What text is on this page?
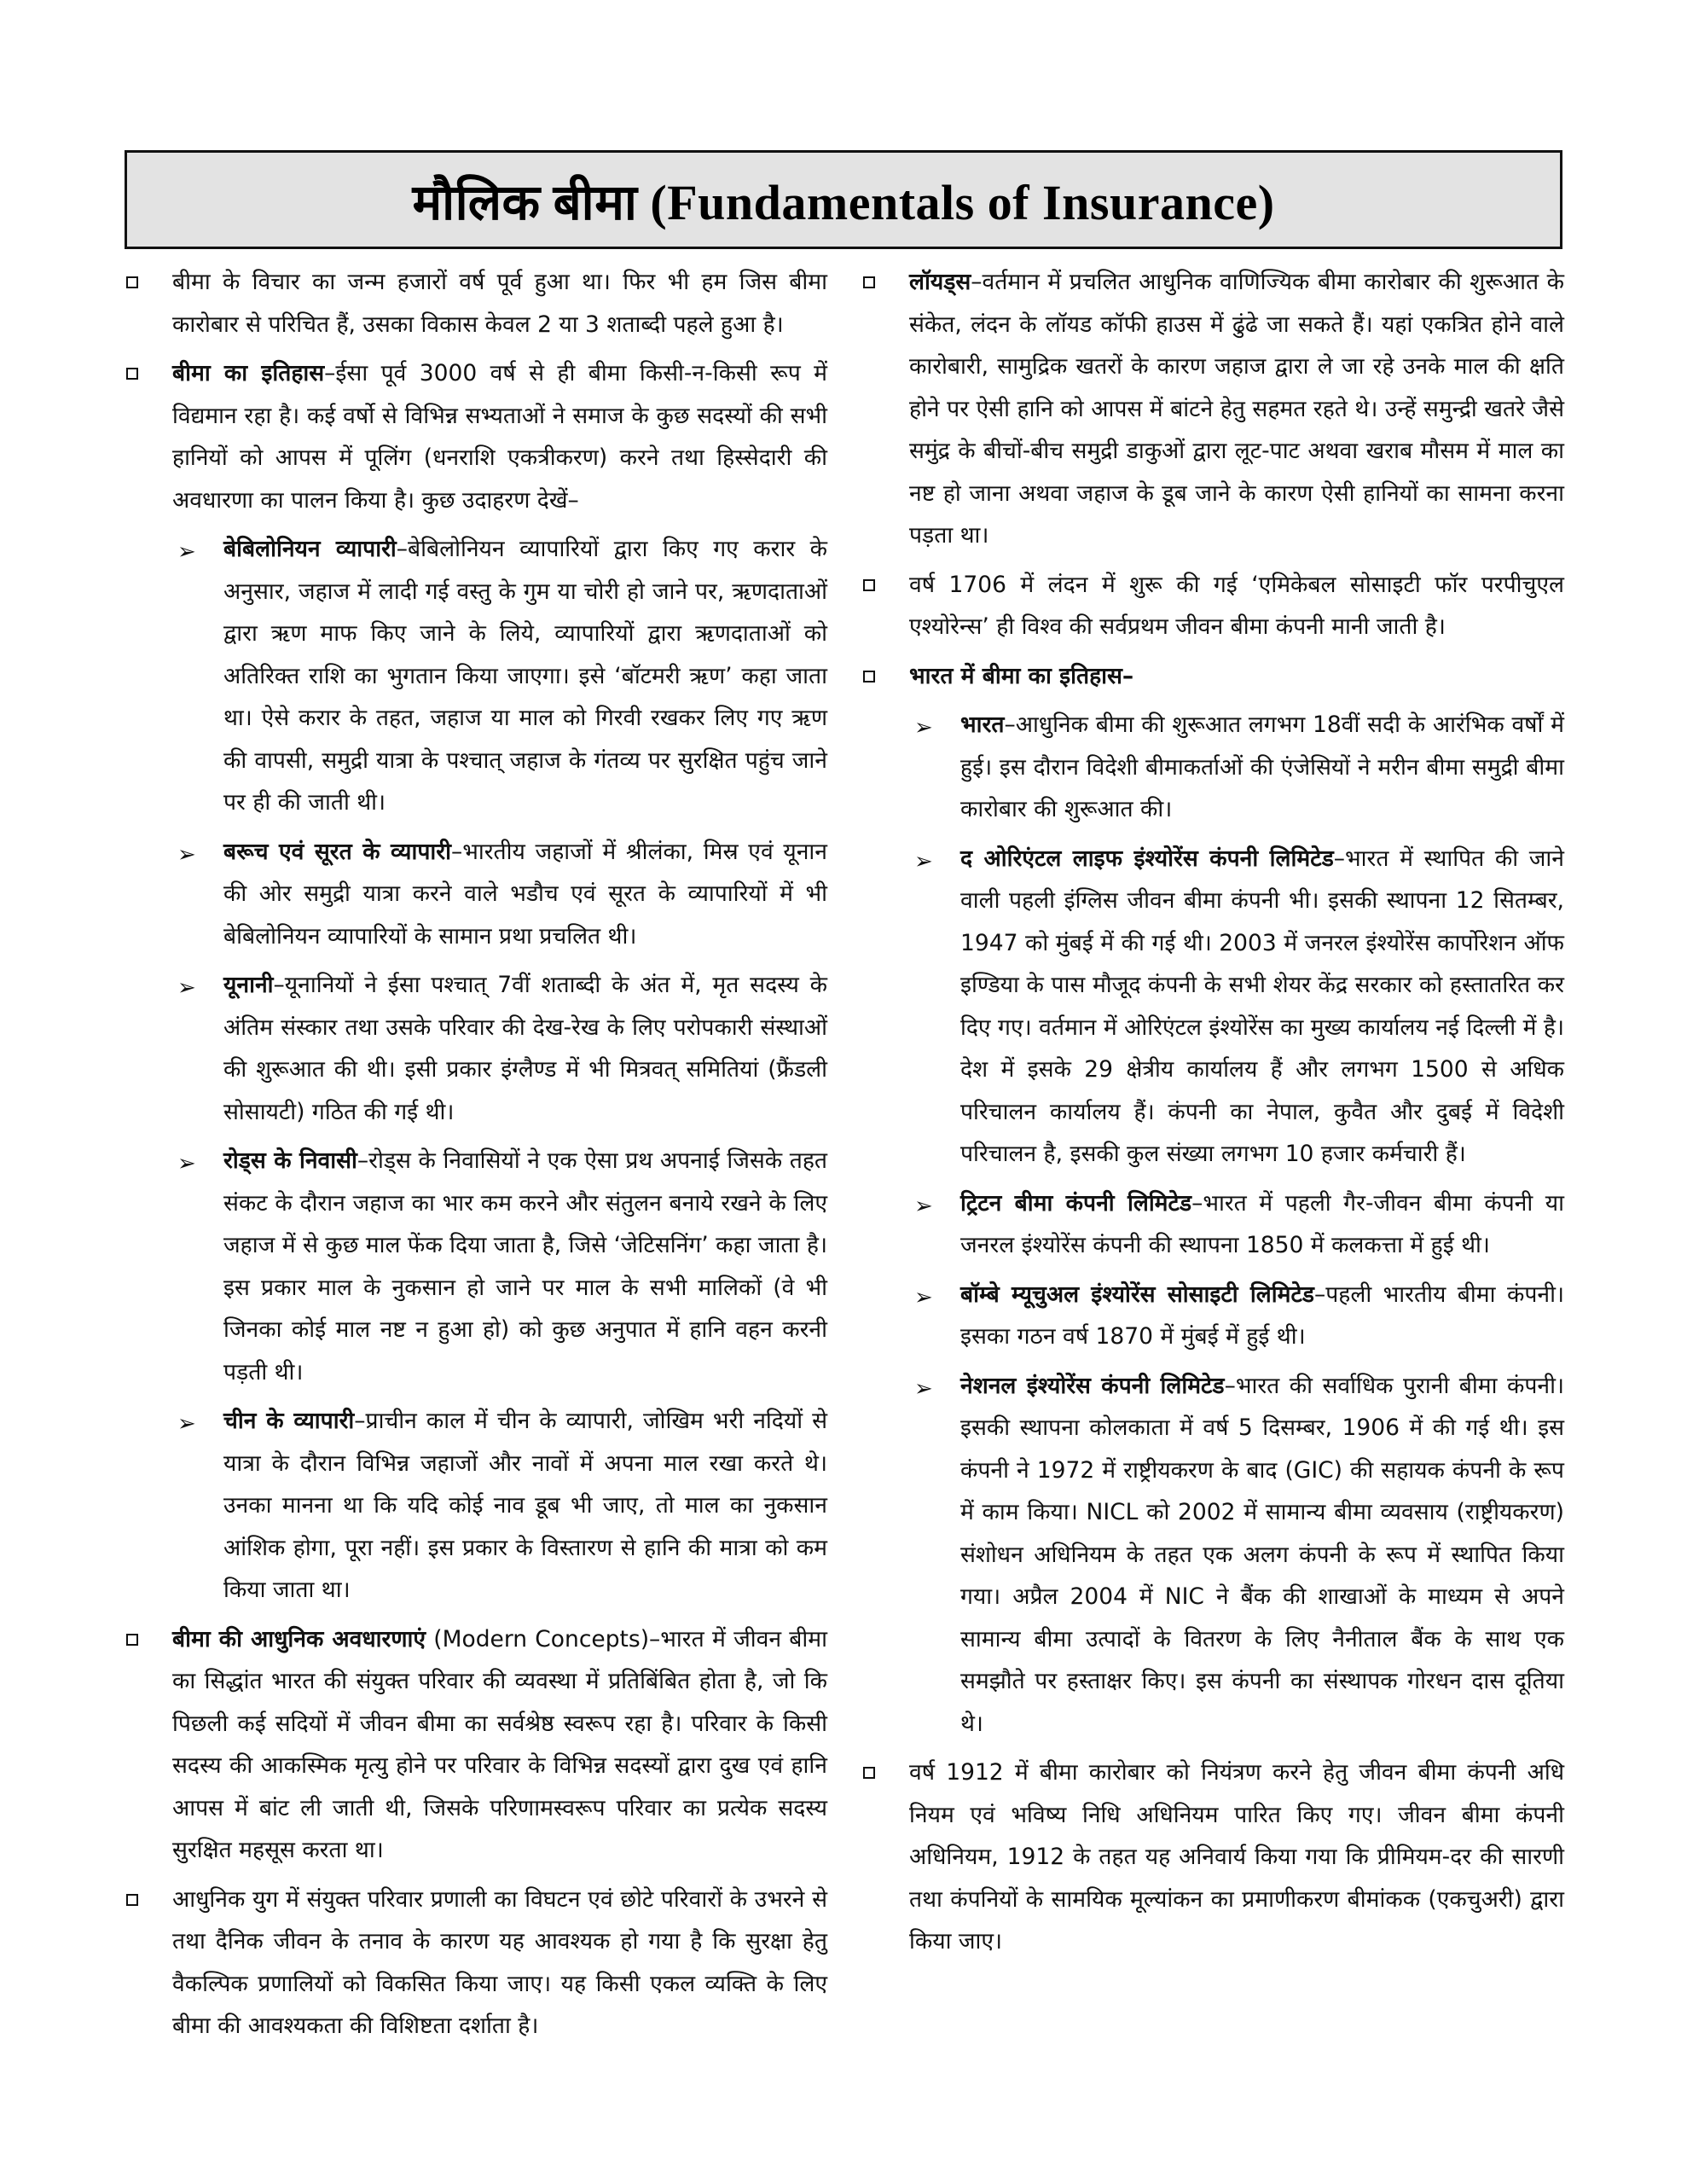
मौलिक बीमा (Fundamentals of Insurance)

बीमा के विचार का जन्म हजारों वर्ष पूर्व हुआ था। फिर भी हम जिस बीमा कारोबार से परिचित हैं, उसका विकास केवल 2 या 3 शताब्दी पहले हुआ है।

बीमा का इतिहास–ईसा पूर्व 3000 वर्ष से ही बीमा किसी-न-किसी रूप में विद्यमान रहा है। कई वर्षो से विभिन्न सभ्यताओं ने समाज के कुछ सदस्यों की सभी हानियों को आपस में पूलिंग (धनराशि एकत्रीकरण) करने तथा हिस्सेदारी की अवधारणा का पालन किया है। कुछ उदाहरण देखें–

➢ बेबिलोनियन व्यापारी–बेबिलोनियन व्यापारियों द्वारा किए गए करार के अनुसार, जहाज में लादी गई वस्तु के गुम या चोरी हो जाने पर, ऋणदाताओं द्वारा ऋण माफ किए जाने के लिये, व्यापारियों द्वारा ऋणदाताओं को अतिरिक्त राशि का भुगतान किया जाएगा। इसे ‘बॉटमरी ऋण’ कहा जाता था। ऐसे करार के तहत, जहाज या माल को गिरवी रखकर लिए गए ऋण की वापसी, समुद्री यात्रा के पश्चात् जहाज के गंतव्य पर सुरक्षित पहुंच जाने पर ही की जाती थी।

➢ बरूच एवं सूरत के व्यापारी–भारतीय जहाजों में श्रीलंका, मिस्र एवं यूनान की ओर समुद्री यात्रा करने वाले भडौच एवं सूरत के व्यापारियों में भी बेबिलोनियन व्यापारियों के सामान प्रथा प्रचलित थी।

➢ यूनानी–यूनानियों ने ईसा पश्चात् 7वीं शताब्दी के अंत में, मृत सदस्य के अंतिम संस्कार तथा उसके परिवार की देख-रेख के लिए परोपकारी संस्थाओं की शुरूआत की थी। इसी प्रकार इंग्लैण्ड में भी मित्रवत् समितियां (फ्रैंडली सोसायटी) गठित की गई थी।

➢ रोड्स के निवासी–रोड्स के निवासियों ने एक ऐसा प्रथ अपनाई जिसके तहत संकट के दौरान जहाज का भार कम करने और संतुलन बनाये रखने के लिए जहाज में से कुछ माल फेंक दिया जाता है, जिसे ‘जेटिसनिंग’ कहा जाता है। इस प्रकार माल के नुकसान हो जाने पर माल के सभी मालिकों (वे भी जिनका कोई माल नष्ट न हुआ हो) को कुछ अनुपात में हानि वहन करनी पड़ती थी।

➢ चीन के व्यापारी–प्राचीन काल में चीन के व्यापारी, जोखिम भरी नदियों से यात्रा के दौरान विभिन्न जहाजों और नावों में अपना माल रखा करते थे। उनका मानना था कि यदि कोई नाव डूब भी जाए, तो माल का नुकसान आंशिक होगा, पूरा नहीं। इस प्रकार के विस्तारण से हानि की मात्रा को कम किया जाता था।

बीमा की आधुनिक अवधारणाएं (Modern Concepts)–भारत में जीवन बीमा का सिद्धांत भारत की संयुक्त परिवार की व्यवस्था में प्रतिबिंबित होता है, जो कि पिछली कई सदियों में जीवन बीमा का सर्वश्रेष्ठ स्वरूप रहा है। परिवार के किसी सदस्य की आकस्मिक मृत्यु होने पर परिवार के विभिन्न सदस्यों द्वारा दुख एवं हानि आपस में बांट ली जाती थी, जिसके परिणामस्वरूप परिवार का प्रत्येक सदस्य सुरक्षित महसूस करता था।

आधुनिक युग में संयुक्त परिवार प्रणाली का विघटन एवं छोटे परिवारों के उभरने से तथा दैनिक जीवन के तनाव के कारण यह आवश्यक हो गया है कि सुरक्षा हेतु वैकल्पिक प्रणालियों को विकसित किया जाए। यह किसी एकल व्यक्ति के लिए बीमा की आवश्यकता की विशिष्टता दर्शाता है।

लॉयड्स–वर्तमान में प्रचलित आधुनिक वाणिज्यिक बीमा कारोबार की शुरूआत के संकेत, लंदन के लॉयड कॉफी हाउस में ढुंढे जा सकते हैं। यहां एकत्रित होने वाले कारोबारी, सामुद्रिक खतरों के कारण जहाज द्वारा ले जा रहे उनके माल की क्षति होने पर ऐसी हानि को आपस में बांटने हेतु सहमत रहते थे। उन्हें समुन्द्री खतरे जैसे समुंद्र के बीचों-बीच समुद्री डाकुओं द्वारा लूट-पाट अथवा खराब मौसम में माल का नष्ट हो जाना अथवा जहाज के डूब जाने के कारण ऐसी हानियों का सामना करना पड़ता था।

वर्ष 1706 में लंदन में शुरू की गई ‘एमिकेबल सोसाइटी फॉर परपीचुएल एश्योरेन्स’ ही विश्व की सर्वप्रथम जीवन बीमा कंपनी मानी जाती है।

भारत में बीमा का इतिहास–

➢ भारत–आधुनिक बीमा की शुरूआत लगभग 18वीं सदी के आरंभिक वर्षों में हुई। इस दौरान विदेशी बीमाकर्ताओं की एंजेसियों ने मरीन बीमा समुद्री बीमा कारोबार की शुरूआत की।

➢ द ओरिएंटल लाइफ इंश्योरेंस कंपनी लिमिटेड–भारत में स्थापित की जाने वाली पहली इंग्लिस जीवन बीमा कंपनी भी। इसकी स्थापना 12 सितम्बर, 1947 को मुंबई में की गई थी। 2003 में जनरल इंश्योरेंस कार्पोरेशन ऑफ इण्डिया के पास मौजूद कंपनी के सभी शेयर केंद्र सरकार को हस्तातरित कर दिए गए। वर्तमान में ओरिएंटल इंश्योरेंस का मुख्य कार्यालय नई दिल्ली में है। देश में इसके 29 क्षेत्रीय कार्यालय हैं और लगभग 1500 से अधिक परिचालन कार्यालय हैं। कंपनी का नेपाल, कुवैत और दुबई में विदेशी परिचालन है, इसकी कुल संख्या लगभग 10 हजार कर्मचारी हैं।

➢ ट्रिटन बीमा कंपनी लिमिटेड–भारत में पहली गैर-जीवन बीमा कंपनी या जनरल इंश्योरेंस कंपनी की स्थापना 1850 में कलकत्ता में हुई थी।

➢ बॉम्बे म्यूचुअल इंश्योरेंस सोसाइटी लिमिटेड–पहली भारतीय बीमा कंपनी। इसका गठन वर्ष 1870 में मुंबई में हुई थी।

➢ नेशनल इंश्योरेंस कंपनी लिमिटेड–भारत की सर्वाधिक पुरानी बीमा कंपनी। इसकी स्थापना कोलकाता में वर्ष 5 दिसम्बर, 1906 में की गई थी। इस कंपनी ने 1972 में राष्ट्रीयकरण के बाद (GIC) की सहायक कंपनी के रूप में काम किया। NICL को 2002 में सामान्य बीमा व्यवसाय (राष्ट्रीयकरण) संशोधन अधिनियम के तहत एक अलग कंपनी के रूप में स्थापित किया गया। अप्रैल 2004 में NIC ने बैंक की शाखाओं के माध्यम से अपने सामान्य बीमा उत्पादों के वितरण के लिए नैनीताल बैंक के साथ एक समझौते पर हस्ताक्षर किए। इस कंपनी का संस्थापक गोरधन दास दूतिया थे।

वर्ष 1912 में बीमा कारोबार को नियंत्रण करने हेतु जीवन बीमा कंपनी अधि नियम एवं भविष्य निधि अधिनियम पारित किए गए। जीवन बीमा कंपनी अधिनियम, 1912 के तहत यह अनिवार्य किया गया कि प्रीमियम-दर की सारणी तथा कंपनियों के सामयिक मूल्यांकन का प्रमाणीकरण बीमांकक (एकचुअरी) द्वारा किया जाए।
